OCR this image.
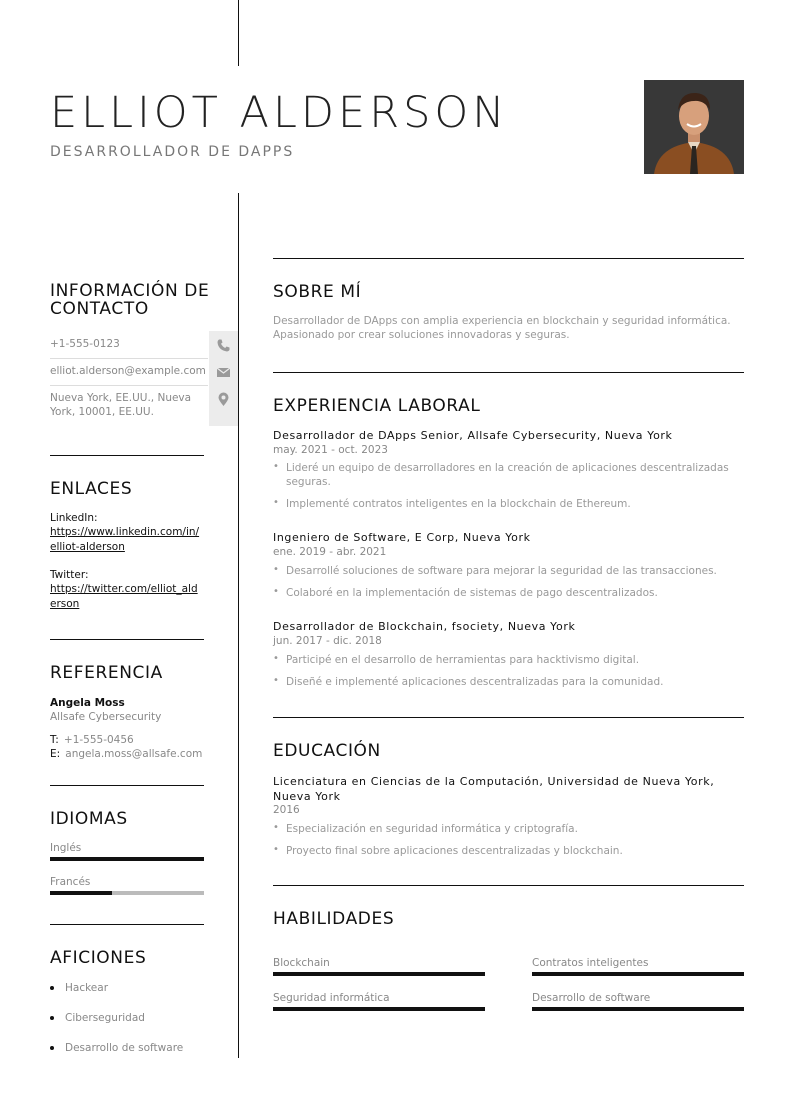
ELLIOT ALDERSON
DESARROLLADOR DE DAPPS
INFORMACIÓN DE CONTACTO
+1-555-0123
elliot.alderson@example.com
Nueva York, EE.UU., Nueva York, 10001, EE.UU.
ENLACES
LinkedIn:
https://www.linkedin.com/in/elliot-alderson
Twitter:
https://twitter.com/elliot_alderson
REFERENCIA
Angela Moss
Allsafe Cybersecurity
T: +1-555-0456
E: angela.moss@allsafe.com
IDIOMAS
Inglés
Francés
AFICIONES
Hackear
Ciberseguridad
Desarrollo de software
SOBRE MÍ
Desarrollador de DApps con amplia experiencia en blockchain y seguridad informática. Apasionado por crear soluciones innovadoras y seguras.
EXPERIENCIA LABORAL
Desarrollador de DApps Senior, Allsafe Cybersecurity, Nueva York
may. 2021 - oct. 2023
• Lideré un equipo de desarrolladores en la creación de aplicaciones descentralizadas seguras.
• Implementé contratos inteligentes en la blockchain de Ethereum.
Ingeniero de Software, E Corp, Nueva York
ene. 2019 - abr. 2021
• Desarrollé soluciones de software para mejorar la seguridad de las transacciones.
• Colaboré en la implementación de sistemas de pago descentralizados.
Desarrollador de Blockchain, fsociety, Nueva York
jun. 2017 - dic. 2018
• Participé en el desarrollo de herramientas para hacktivismo digital.
• Diseñé e implementé aplicaciones descentralizadas para la comunidad.
EDUCACIÓN
Licenciatura en Ciencias de la Computación, Universidad de Nueva York, Nueva York
2016
• Especialización en seguridad informática y criptografía.
• Proyecto final sobre aplicaciones descentralizadas y blockchain.
HABILIDADES
Blockchain	Contratos inteligentes
Seguridad informática	Desarrollo de software
